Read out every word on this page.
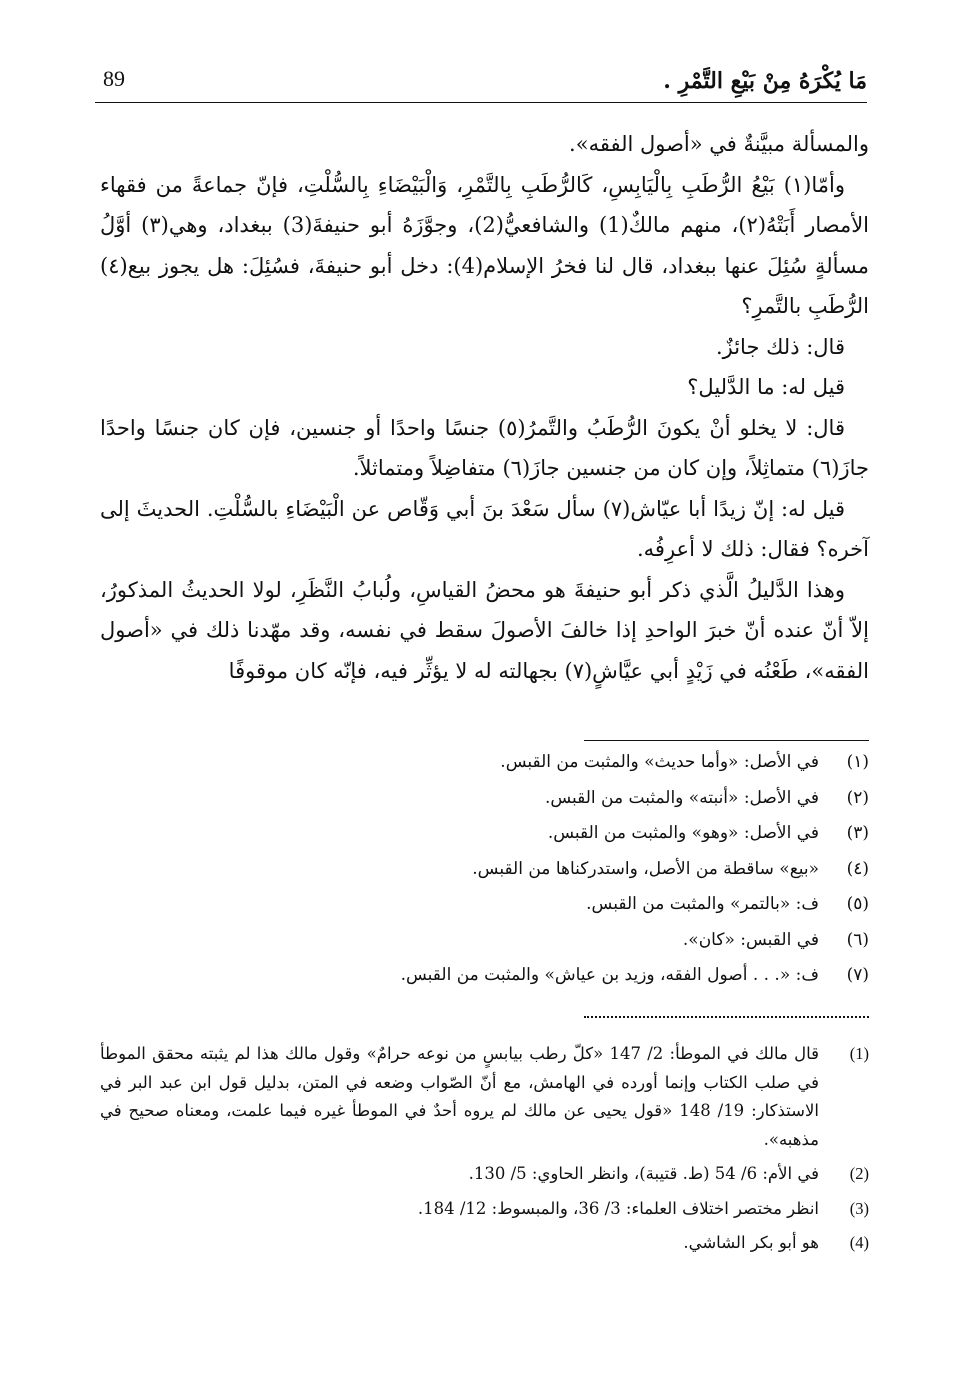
مَا يُكْرَهُ مِنْ بَيْعِ التَّمْرِ .
89

والمسألة مبيَّنةٌ في «أصول الفقه».

وأمّا(١) بَيْعُ الرُّطَبِ بِالْيَابِسِ، كَالرُّطَبِ بِالتَّمْرِ، وَالْبَيْضَاءِ بِالسُّلْتِ، فإنّ جماعةً من فقهاء الأمصار أَبَتْهُ(٢)، منهم مالكٌ(1) والشافعيُّ(2)، وجوَّزَهُ أبو حنيفةَ(3) ببغداد، وهي(٣) أوَّلُ مسألةٍ سُئِلَ عنها ببغداد، قال لنا فخرُ الإسلام(4): دخل أبو حنيفةَ، فسُئِلَ: هل يجوز بيع(٤) الرُّطَبِ بالتَّمرِ؟

قال: ذلك جائزٌ.

قيل له: ما الدَّليل؟

قال: لا يخلو أنْ يكونَ الرُّطَبُ والتَّمرُ(٥) جنسًا واحدًا أو جنسين، فإن كان جنسًا واحدًا جازَ(٦) متماثِلاً، وإن كان من جنسين جازَ(٦) متفاضِلاً ومتماثلاً.

قيل له: إنّ زيدًا أبا عيّاش(٧) سأل سَعْدَ بنَ أبي وَقّاص عن الْبَيْضَاءِ بالسُّلْتِ. الحديثَ إلى آخره؟ فقال: ذلك لا أعرِفُه.

وهذا الدَّليلُ الَّذي ذكر أبو حنيفةَ هو محضُ القياسِ، ولُبابُ النَّظَرِ، لولا الحديثُ المذكورُ، إلاّ أنّ عنده أنّ خبرَ الواحدِ إذا خالفَ الأصولَ سقط في نفسه، وقد مهّدنا ذلك في «أصول الفقه»، طَعْنُه في زَيْدٍ أبي عيَّاشٍ(٧) بجهالته له لا يؤثِّر فيه، فإنّه كان موقوفًا

(١)
في الأصل: «وأما حديث» والمثبت من القبس.
(٢)
في الأصل: «أنبته» والمثبت من القبس.
(٣)
في الأصل: «وهو» والمثبت من القبس.
(٤)
«بيع» ساقطة من الأصل، واستدركناها من القبس.
(٥)
ف: «بالتمر» والمثبت من القبس.
(٦)
في القبس: «كان».
(٧)
ف: «. . . أصول الفقه، وزيد بن عياش» والمثبت من القبس.
(1)
قال مالك في الموطأ: 2/ 147 «كلّ رطب بيابسٍ من نوعه حرامٌ» وقول مالك هذا لم يثبته محقق الموطأ في صلب الكتاب وإنما أورده في الهامش، مع أنّ الصّواب وضعه في المتن، بدليل قول ابن عبد البر في الاستذكار: 19/ 148 «قول يحيى عن مالك لم يروه أحدٌ في الموطأ غيره فيما علمت، ومعناه صحيح في مذهبه».
(2)
في الأم: 6/ 54 (ط. قتيبة)، وانظر الحاوي: 5/ 130.
(3)
انظر مختصر اختلاف العلماء: 3/ 36، والمبسوط: 12/ 184.
(4)
هو أبو بكر الشاشي.
